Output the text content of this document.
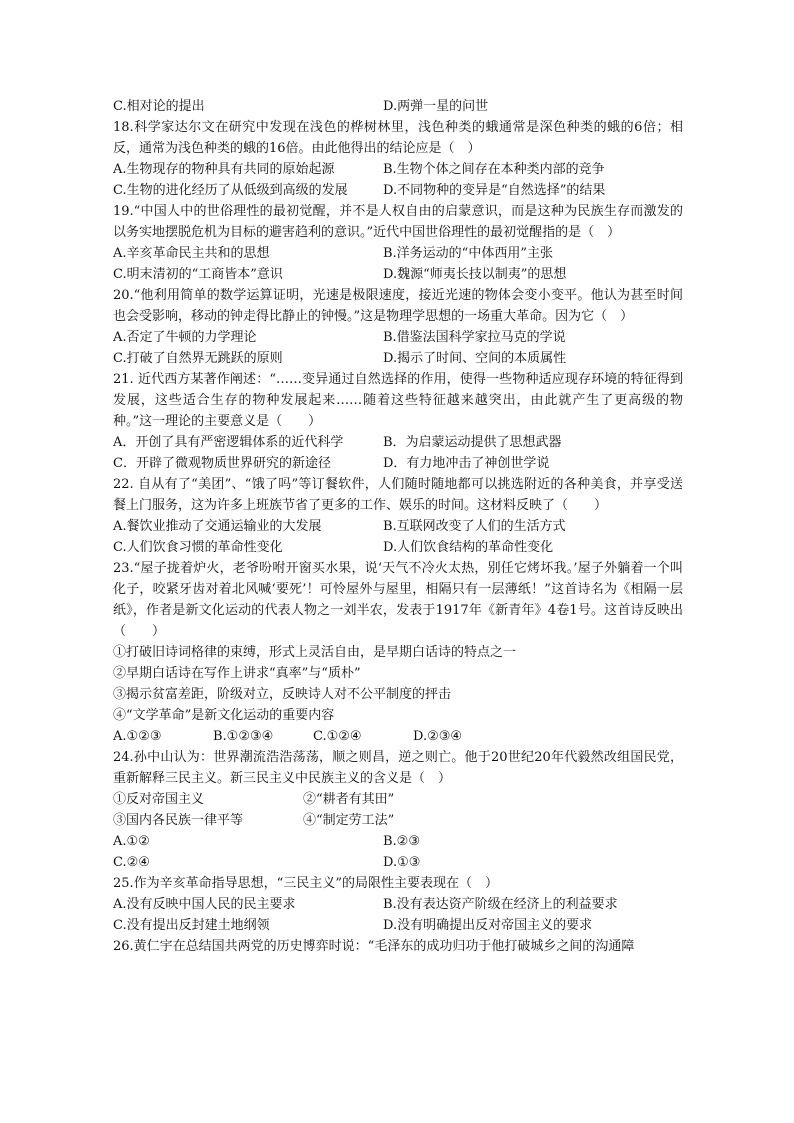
C.相对论的提出	D.两弹一星的问世
18.科学家达尔文在研究中发现在浅色的桦树林里，浅色种类的蛾通常是深色种类的蛾的6倍；相反，通常为浅色种类的蛾的16倍。由此他得出的结论应是（　）
A.生物现存的物种具有共同的原始起源	B.生物个体之间存在本种类内部的竞争
C.生物的进化经历了从低级到高级的发展	D.不同物种的变异是“自然选择”的结果
19.“中国人中的世俗理性的最初觉醒，并不是人权自由的启蒙意识，而是这种为民族生存而激发的以务实地摆脱危机为目标的避害趋利的意识。”近代中国世俗理性的最初觉醒指的是（　）
A.辛亥革命民主共和的思想	B.洋务运动的“中体西用”主张
C.明末清初的“工商皆本”意识	D.魏源“师夷长技以制夷”的思想
20.“他利用简单的数学运算证明，光速是极限速度，接近光速的物体会变小变平。他认为甚至时间也会受影响，移动的钟走得比静止的钟慢。”这是物理学思想的一场重大革命。因为它（　）
A.否定了牛顿的力学理论	B.借鉴法国科学家拉马克的学说
C.打破了自然界无跳跃的原则	D.揭示了时间、空间的本质属性
21. 近代西方某著作阐述：“……变异通过自然选择的作用，使得一些物种适应现存环境的特征得到发展，这些适合生存的物种发展起来……随着这些特征越来越突出，由此就产生了更高级的物种。”这一理论的主要意义是（　　）
A．开创了具有严密逻辑体系的近代科学	B．为启蒙运动提供了思想武器
C．开辟了微观物质世界研究的新途径	D．有力地冲击了神创世学说
22. 自从有了“美团”、“饿了吗”等订餐软件，人们随时随地都可以挑选附近的各种美食，并享受送餐上门服务，这为许多上班族节省了更多的工作、娱乐的时间。这材料反映了（　　）
A.餐饮业推动了交通运输业的大发展	B.互联网改变了人们的生活方式
C.人们饮食习惯的革命性变化	D.人们饮食结构的革命性变化
23.“屋子拢着炉火，老爷吩咐开窗买水果，说‘天气不冷火太热，别任它烤坏我。’屋子外躺着一个叫化子，咬紧牙齿对着北风喊‘要死’！可怜屋外与屋里，相隔只有一层薄纸！”这首诗名为《相隔一层纸》，作者是新文化运动的代表人物之一刘半农，发表于1917年《新青年》4卷1号。这首诗反映出（　　）
①打破旧诗词格律的束缚，形式上灵活自由，是早期白话诗的特点之一
②早期白话诗在写作上讲求“真率”与“质朴”
③揭示贫富差距，阶级对立，反映诗人对不公平制度的抨击
④“文学革命”是新文化运动的重要内容
A.①②③	B.①②③④	C.①②④	D.②③④
24.孙中山认为：世界潮流浩浩荡荡，顺之则昌，逆之则亡。他于20世纪20年代毅然改组国民党，重新解释三民主义。新三民主义中民族主义的含义是（　）
①反对帝国主义	②“耕者有其田”
③国内各民族一律平等	④“制定劳工法”
A.①②	B.②③
C.②④	D.①③
25.作为辛亥革命指导思想，“三民主义”的局限性主要表现在（　）
A.没有反映中国人民的民主要求	B.没有表达资产阶级在经济上的利益要求
C.没有提出反封建土地纲领	D.没有明确提出反对帝国主义的要求
26.黄仁宇在总结国共两党的历史博弈时说：“毛泽东的成功归功于他打破城乡之间的沟通障
